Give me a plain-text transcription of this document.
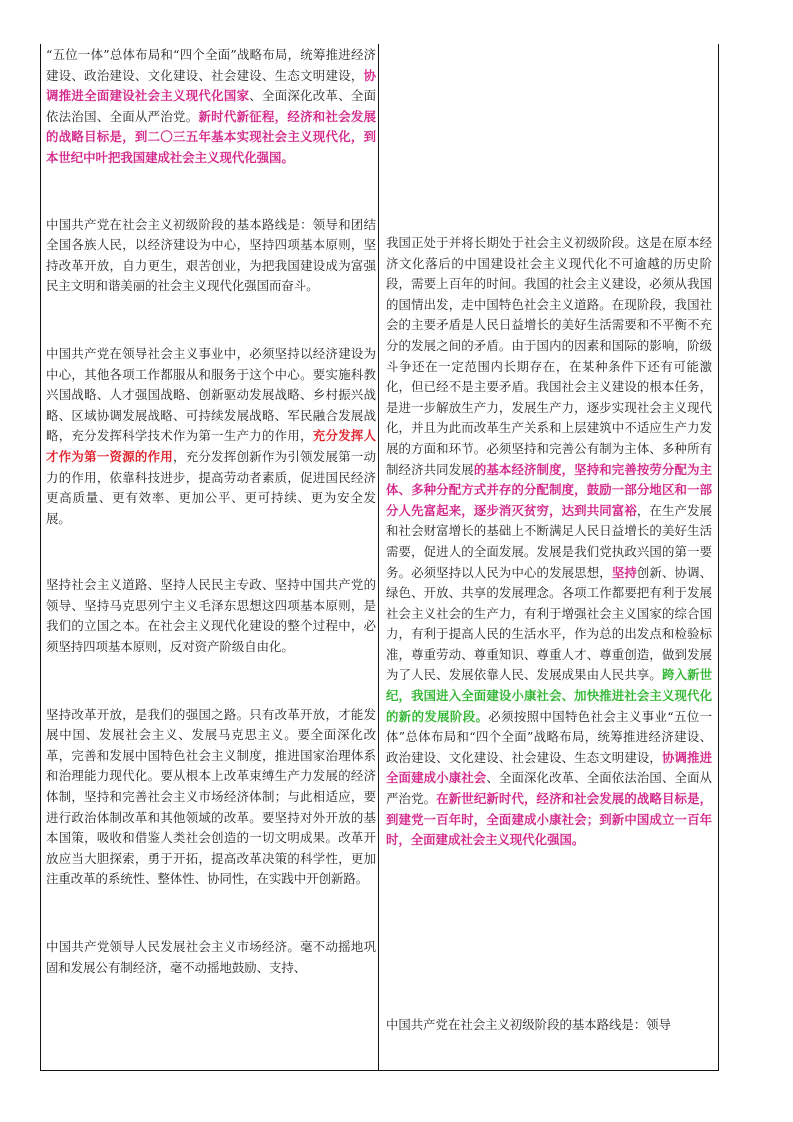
“五位一体”总体布局和“四个全面”战略布局，统筹推进经济建设、政治建设、文化建设、社会建设、生态文明建设，协调推进全面建设社会主义现代化国家、全面深化改革、全面依法治国、全面从严治党。新时代新征程，经济和社会发展的战略目标是，到二〇三五年基本实现社会主义现代化，到本世纪中叶把我国建成社会主义现代化强国。

中国共产党在社会主义初级阶段的基本路线是：领导和团结全国各族人民，以经济建设为中心，坚持四项基本原则，坚持改革开放，自力更生，艰苦创业，为把我国建设成为富强民主文明和谐美丽的社会主义现代化强国而奋斗。

中国共产党在领导社会主义事业中，必须坚持以经济建设为中心，其他各项工作都服从和服务于这个中心。要实施科教兴国战略、人才强国战略、创新驱动发展战略、乡村振兴战略、区域协调发展战略、可持续发展战略、军民融合发展战略，充分发挥科学技术作为第一生产力的作用，充分发挥人才作为第一资源的作用，充分发挥创新作为引领发展第一动力的作用，依靠科技进步，提高劳动者素质，促进国民经济更高质量、更有效率、更加公平、更可持续、更为安全发展。

坚持社会主义道路、坚持人民民主专政、坚持中国共产党的领导、坚持马克思列宁主义毛泽东思想这四项基本原则，是我们的立国之本。在社会主义现代化建设的整个过程中，必须坚持四项基本原则，反对资产阶级自由化。

坚持改革开放，是我们的强国之路。只有改革开放，才能发展中国、发展社会主义、发展马克思主义。要全面深化改革，完善和发展中国特色社会主义制度，推进国家治理体系和治理能力现代化。要从根本上改革束缚生产力发展的经济体制，坚持和完善社会主义市场经济体制；与此相适应，要进行政治体制改革和其他领域的改革。要坚持对外开放的基本国策，吸收和借鉴人类社会创造的一切文明成果。改革开放应当大胆探索，勇于开拓，提高改革决策的科学性，更加注重改革的系统性、整体性、协同性，在实践中开创新路。

中国共产党领导人民发展社会主义市场经济。毫不动摇地巩固和发展公有制经济，毫不动摇地鼓励、支持、

我国正处于并将长期处于社会主义初级阶段。这是在原本经济文化落后的中国建设社会主义现代化不可逾越的历史阶段，需要上百年的时间。我国的社会主义建设，必须从我国的国情出发，走中国特色社会主义道路。在现阶段，我国社会的主要矛盾是人民日益增长的美好生活需要和不平衡不充分的发展之间的矛盾。由于国内的因素和国际的影响，阶级斗争还在一定范围内长期存在，在某种条件下还有可能激化，但已经不是主要矛盾。我国社会主义建设的根本任务，是进一步解放生产力，发展生产力，逐步实现社会主义现代化，并且为此而改革生产关系和上层建筑中不适应生产力发展的方面和环节。必须坚持和完善公有制为主体、多种所有制经济共同发展的基本经济制度，坚持和完善按劳分配为主体、多种分配方式并存的分配制度，鼓励一部分地区和一部分人先富起来，逐步消灭贫穷，达到共同富裕，在生产发展和社会财富增长的基础上不断满足人民日益增长的美好生活需要，促进人的全面发展。发展是我们党执政兴国的第一要务。必须坚持以人民为中心的发展思想，坚持创新、协调、绿色、开放、共享的发展理念。各项工作都要把有利于发展社会主义社会的生产力，有利于增强社会主义国家的综合国力，有利于提高人民的生活水平，作为总的出发点和检验标准，尊重劳动、尊重知识、尊重人才、尊重创造，做到发展为了人民、发展依靠人民、发展成果由人民共享。跨入新世纪，我国进入全面建设小康社会、加快推进社会主义现代化的新的发展阶段。必须按照中国特色社会主义事业“五位一体”总体布局和“四个全面”战略布局，统筹推进经济建设、政治建设、文化建设、社会建设、生态文明建设，协调推进全面建成小康社会、全面深化改革、全面依法治国、全面从严治党。在新世纪新时代，经济和社会发展的战略目标是，到建党一百年时，全面建成小康社会；到新中国成立一百年时，全面建成社会主义现代化强国。

中国共产党在社会主义初级阶段的基本路线是：领导
